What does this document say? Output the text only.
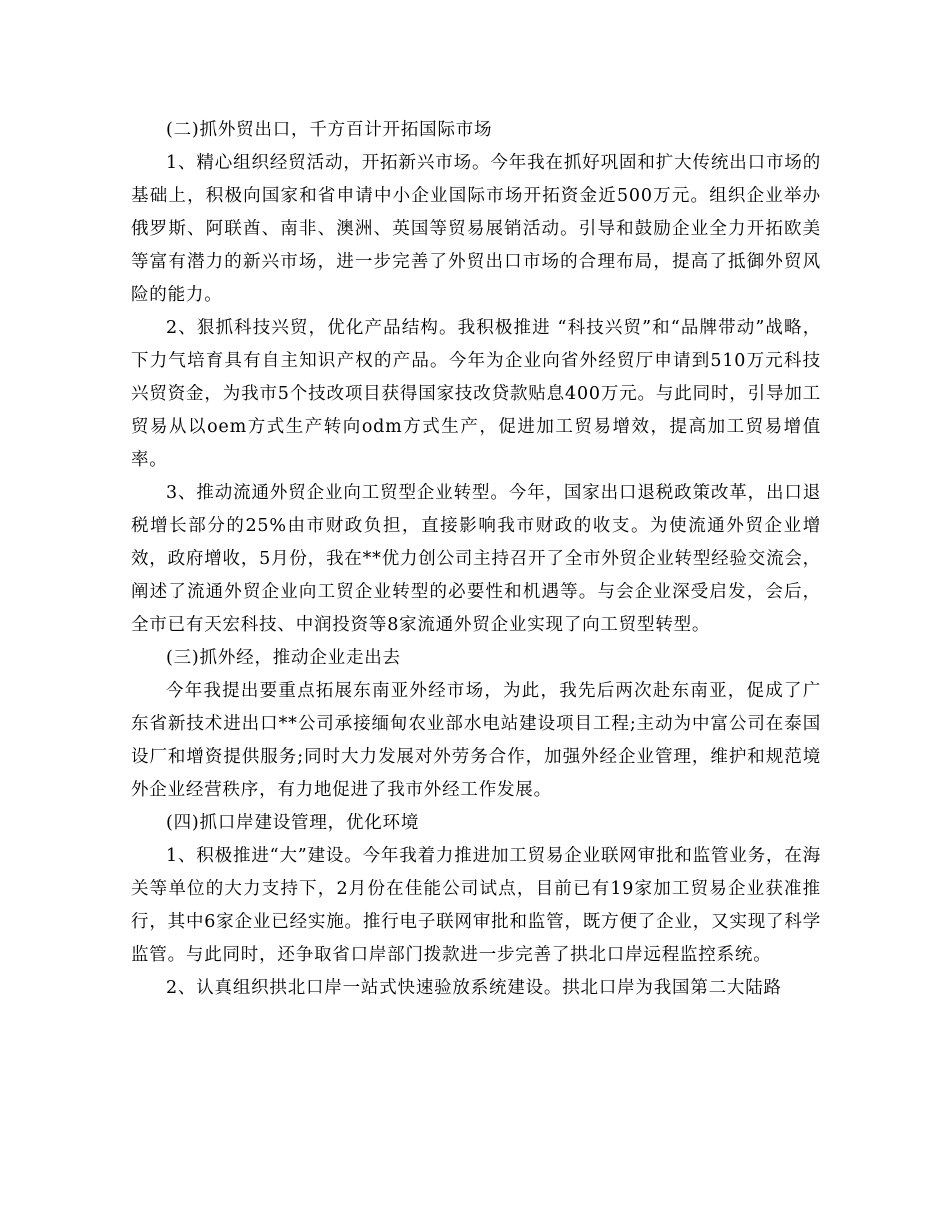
(二)抓外贸出口，千方百计开拓国际市场

1、精心组织经贸活动，开拓新兴市场。今年我在抓好巩固和扩大传统出口市场的基础上，积极向国家和省申请中小企业国际市场开拓资金近500万元。组织企业举办俄罗斯、阿联酋、南非、澳洲、英国等贸易展销活动。引导和鼓励企业全力开拓欧美等富有潜力的新兴市场，进一步完善了外贸出口市场的合理布局，提高了抵御外贸风险的能力。

2、狠抓科技兴贸，优化产品结构。我积极推进 “科技兴贸”和“品牌带动”战略，下力气培育具有自主知识产权的产品。今年为企业向省外经贸厅申请到510万元科技兴贸资金，为我市5个技改项目获得国家技改贷款贴息400万元。与此同时，引导加工贸易从以oem方式生产转向odm方式生产，促进加工贸易增效，提高加工贸易增值率。

3、推动流通外贸企业向工贸型企业转型。今年，国家出口退税政策改革，出口退税增长部分的25%由市财政负担，直接影响我市财政的收支。为使流通外贸企业增效，政府增收，5月份，我在**优力创公司主持召开了全市外贸企业转型经验交流会，阐述了流通外贸企业向工贸企业转型的必要性和机遇等。与会企业深受启发，会后，全市已有天宏科技、中润投资等8家流通外贸企业实现了向工贸型转型。

(三)抓外经，推动企业走出去

今年我提出要重点拓展东南亚外经市场，为此，我先后两次赴东南亚，促成了广东省新技术进出口**公司承接缅甸农业部水电站建设项目工程;主动为中富公司在泰国设厂和增资提供服务;同时大力发展对外劳务合作，加强外经企业管理，维护和规范境外企业经营秩序，有力地促进了我市外经工作发展。

(四)抓口岸建设管理，优化环境

1、积极推进“大”建设。今年我着力推进加工贸易企业联网审批和监管业务，在海关等单位的大力支持下，2月份在佳能公司试点，目前已有19家加工贸易企业获准推行，其中6家企业已经实施。推行电子联网审批和监管，既方便了企业，又实现了科学监管。与此同时，还争取省口岸部门拨款进一步完善了拱北口岸远程监控系统。

2、认真组织拱北口岸一站式快速验放系统建设。拱北口岸为我国第二大陆路
